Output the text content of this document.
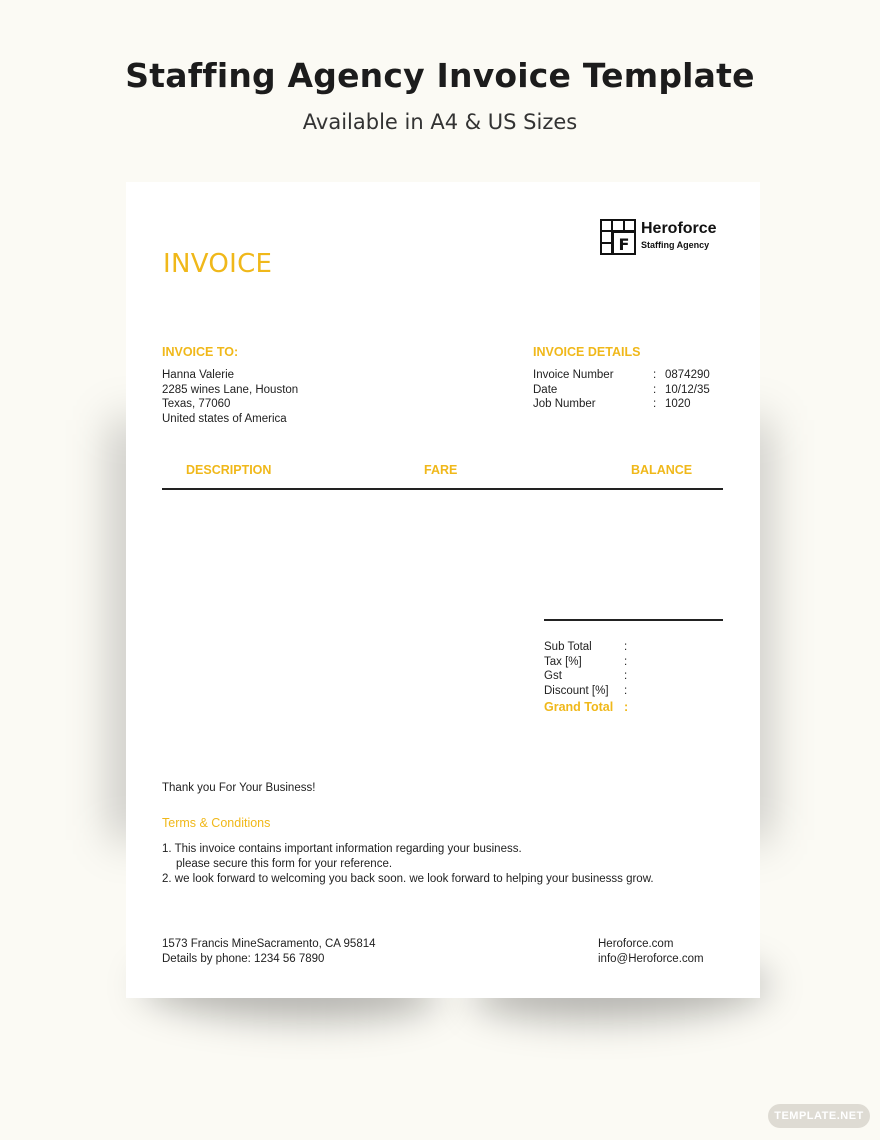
Staffing Agency Invoice Template
Available in A4 & US Sizes
INVOICE
F
Heroforce
Staffing Agency
INVOICE TO:
Hanna Valerie
2285 wines Lane, Houston
Texas, 77060
United states of America
INVOICE DETAILS
Invoice Number	: 0874290
Date	: 10/12/35
Job Number	: 1020
DESCRIPTION	FARE	BALANCE
Sub Total	:
Tax [%]	:
Gst	:
Discount [%]	:
Grand Total :
Thank you For Your Business!
Terms & Conditions
1. This invoice contains important information regarding your business.
please secure this form for your reference.
2. we look forward to welcoming you back soon. we look forward to helping your businesss grow.
1573 Francis MineSacramento, CA 95814
Details by phone: 1234 56 7890
Heroforce.com
info@Heroforce.com
TEMPLATE.NET
